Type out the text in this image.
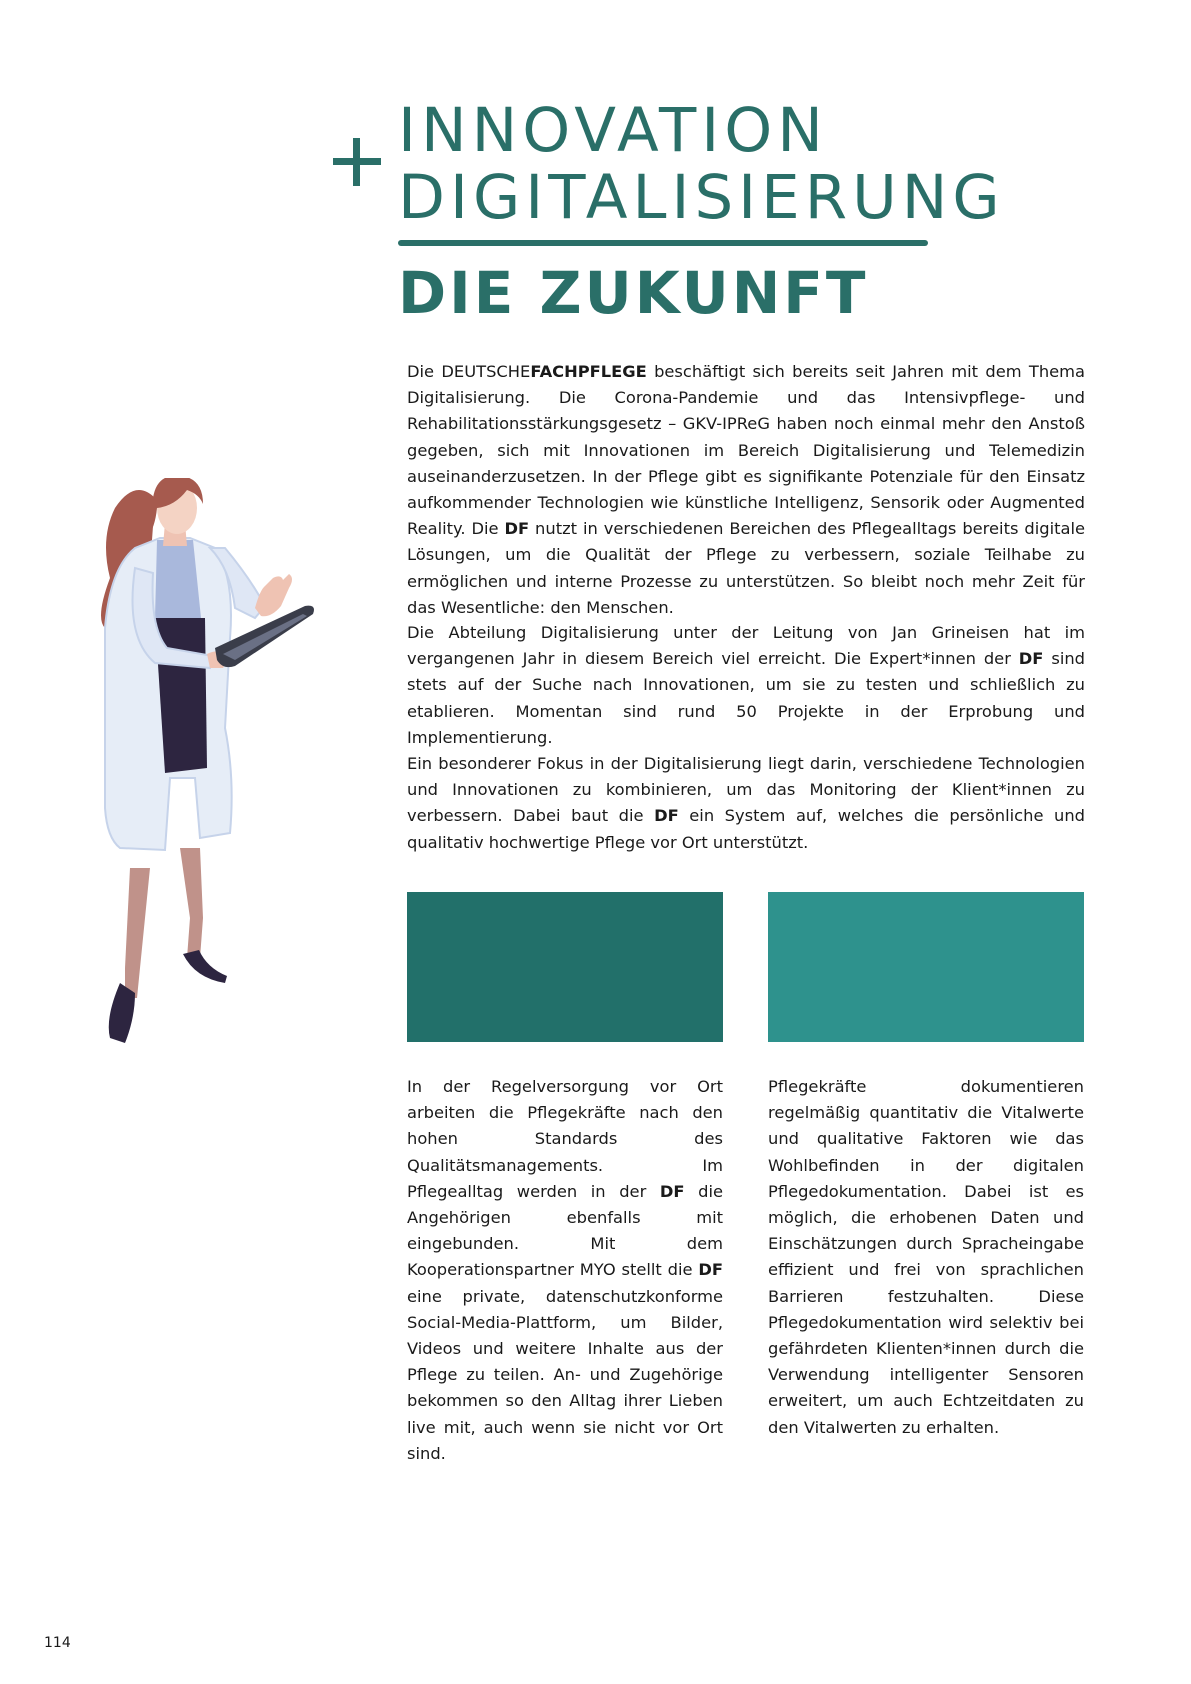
INNOVATION
DIGITALISIERUNG
DIE ZUKUNFT
Die DEUTSCHEFACHPFLEGE beschäftigt sich bereits seit Jahren mit dem Thema Digitalisierung. Die Corona-Pandemie und das Intensivpflege- und Rehabilitationsstärkungsgesetz – GKV-IPReG haben noch einmal mehr den Anstoß gegeben, sich mit Innovationen im Bereich Digitalisierung und Telemedizin auseinanderzusetzen. In der Pflege gibt es signifikante Potenziale für den Einsatz aufkommender Technologien wie künstliche Intelligenz, Sensorik oder Augmented Reality. Die DF nutzt in verschiedenen Bereichen des Pflegealltags bereits digitale Lösungen, um die Qualität der Pflege zu verbessern, soziale Teilhabe zu ermöglichen und interne Prozesse zu unterstützen. So bleibt noch mehr Zeit für das Wesentliche: den Menschen.
Die Abteilung Digitalisierung unter der Leitung von Jan Grineisen hat im vergangenen Jahr in diesem Bereich viel erreicht. Die Expert*innen der DF sind stets auf der Suche nach Innovationen, um sie zu testen und schließlich zu etablieren. Momentan sind rund 50 Projekte in der Erprobung und Implementierung.
Ein besonderer Fokus in der Digitalisierung liegt darin, verschiedene Technologien und Innovationen zu kombinieren, um das Monitoring der Klient*innen zu verbessern. Dabei baut die DF ein System auf, welches die persönliche und qualitativ hochwertige Pflege vor Ort unterstützt.
In der Regelversorgung vor Ort arbeiten die Pflegekräfte nach den hohen Standards des Qualitätsmanagements. Im Pflegealltag werden in der DF die Angehörigen ebenfalls mit eingebunden. Mit dem Kooperationspartner MYO stellt die DF eine private, datenschutzkonforme Social-Media-Plattform, um Bilder, Videos und weitere Inhalte aus der Pflege zu teilen. An- und Zugehörige bekommen so den Alltag ihrer Lieben live mit, auch wenn sie nicht vor Ort sind.
Pflegekräfte dokumentieren regelmäßig quantitativ die Vitalwerte und qualitative Faktoren wie das Wohlbefinden in der digitalen Pflegedokumentation. Dabei ist es möglich, die erhobenen Daten und Einschätzungen durch Spracheingabe effizient und frei von sprachlichen Barrieren festzuhalten. Diese Pflegedokumentation wird selektiv bei gefährdeten Klienten*innen durch die Verwendung intelligenter Sensoren erweitert, um auch Echtzeitdaten zu den Vitalwerten zu erhalten.
114
